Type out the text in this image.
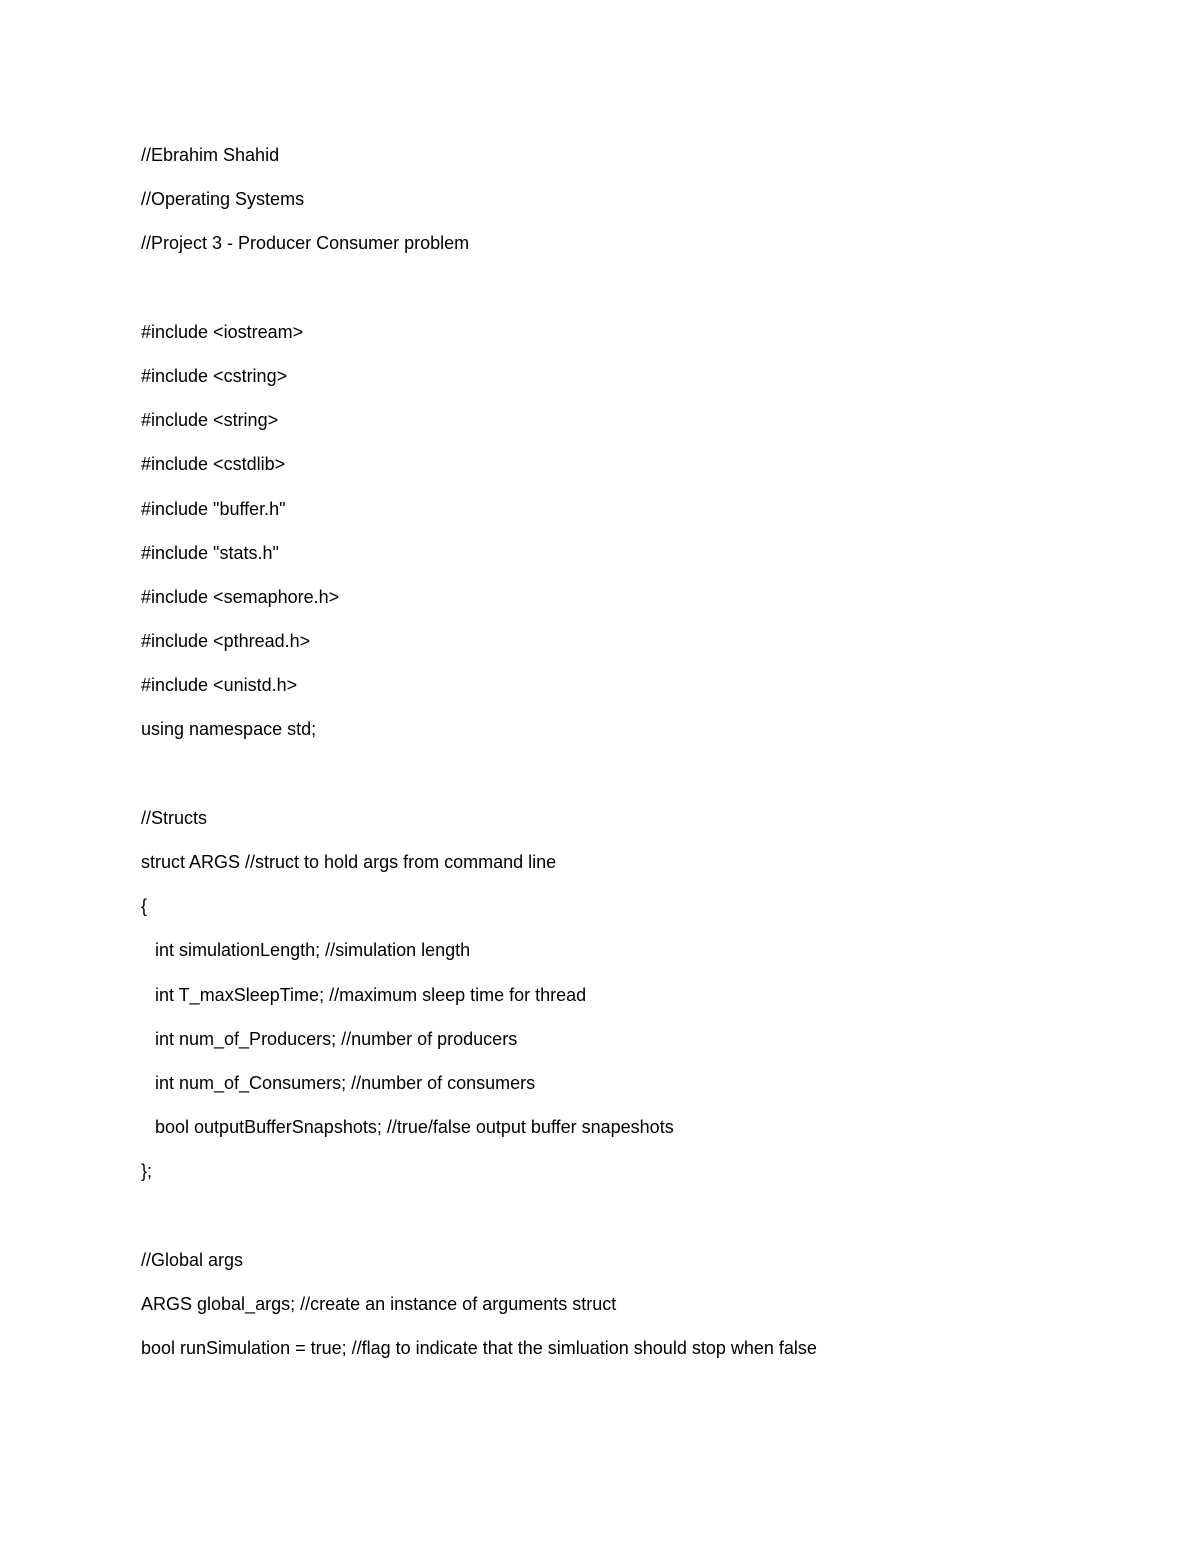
//Ebrahim Shahid
//Operating Systems
//Project 3 - Producer Consumer problem
#include <iostream>
#include <cstring>
#include <string>
#include <cstdlib>
#include "buffer.h"
#include "stats.h"
#include <semaphore.h>
#include <pthread.h>
#include <unistd.h>
using namespace std;
//Structs
struct ARGS //struct to hold args from command line
{
int simulationLength; //simulation length
int T_maxSleepTime; //maximum sleep time for thread
int num_of_Producers; //number of producers
int num_of_Consumers; //number of consumers
bool outputBufferSnapshots; //true/false output buffer snapeshots
};
//Global args
ARGS global_args; //create an instance of arguments struct
bool runSimulation = true; //flag to indicate that the simluation should stop when false
